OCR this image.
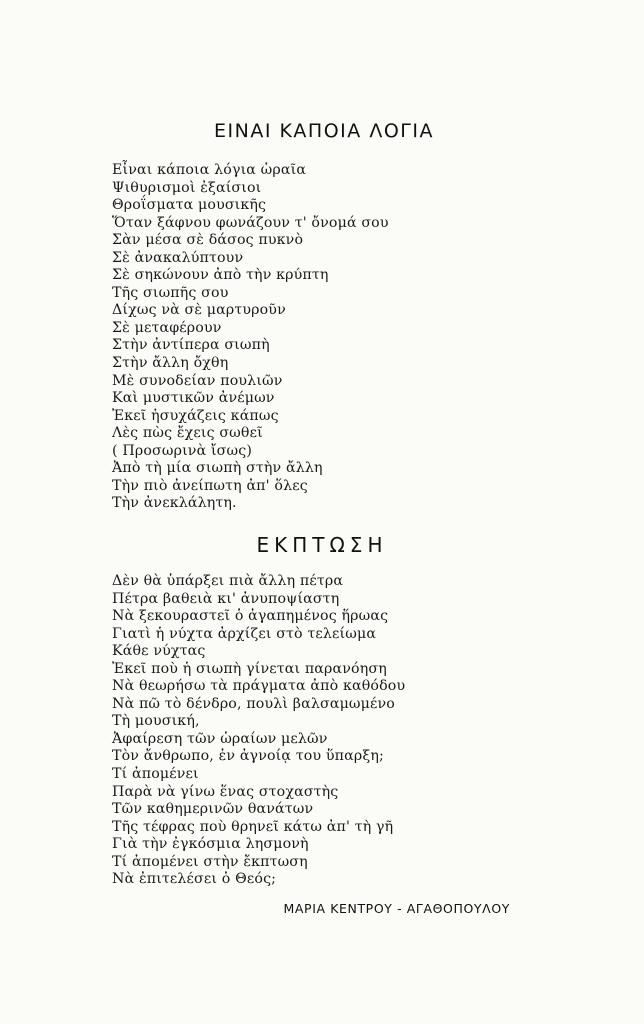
ΕΙΝΑΙ ΚΑΠΟΙΑ ΛΟΓΙΑ
Εἶναι κάποια λόγια ὡραῖα
Ψιθυρισμοὶ ἐξαίσιοι
Θροΐσματα μουσικῆς
Ὅταν ξάφνου φωνάζουν τ' ὄνομά σου
Σὰν μέσα σὲ δάσος πυκνὸ
Σὲ ἀνακαλύπτουν
Σὲ σηκώνουν ἀπὸ τὴν κρύπτη
Τῆς σιωπῆς σου
Δίχως νὰ σὲ μαρτυροῦν
Σὲ μεταφέρουν
Στὴν ἀντίπερα σιωπὴ
Στὴν ἄλλη ὄχθη
Μὲ συνοδείαν πουλιῶν
Καὶ μυστικῶν ἀνέμων
Ἐκεῖ ἡσυχάζεις κάπως
Λὲς πὼς ἔχεις σωθεῖ
( Προσωρινὰ ἴσως)
Ἀπὸ τὴ μία σιωπὴ στὴν ἄλλη
Τὴν πιὸ ἀνείπωτη ἀπ' ὅλες
Τὴν ἀνεκλάλητη.
ΕΚΠΤΩΣΗ
Δὲν θὰ ὑπάρξει πιὰ ἄλλη πέτρα
Πέτρα βαθειὰ κι' ἀνυποψίαστη
Νὰ ξεκουραστεῖ ὁ ἀγαπημένος ἥρωας
Γιατὶ ἡ νύχτα ἀρχίζει στὸ τελείωμα
Κάθε νύχτας
Ἐκεῖ ποὺ ἡ σιωπὴ γίνεται παρανόηση
Νὰ θεωρήσω τὰ πράγματα ἀπὸ καθόδου
Νὰ πῶ τὸ δένδρο, πουλὶ βαλσαμωμένο
Τὴ μουσική,
Ἀφαίρεση τῶν ὡραίων μελῶν
Τὸν ἄνθρωπο, ἐν ἀγνοίᾳ του ὕπαρξη;
Τί ἀπομένει
Παρὰ νὰ γίνω ἕνας στοχαστὴς
Τῶν καθημερινῶν θανάτων
Τῆς τέφρας ποὺ θρηνεῖ κάτω ἀπ' τὴ γῆ
Γιὰ τὴν ἐγκόσμια λησμονὴ
Τί ἀπομένει στὴν ἔκπτωση
Νὰ ἐπιτελέσει ὁ Θεός;
ΜΑΡΙΑ ΚΕΝΤΡΟΥ - ΑΓΑΘΟΠΟΥΛΟΥ
